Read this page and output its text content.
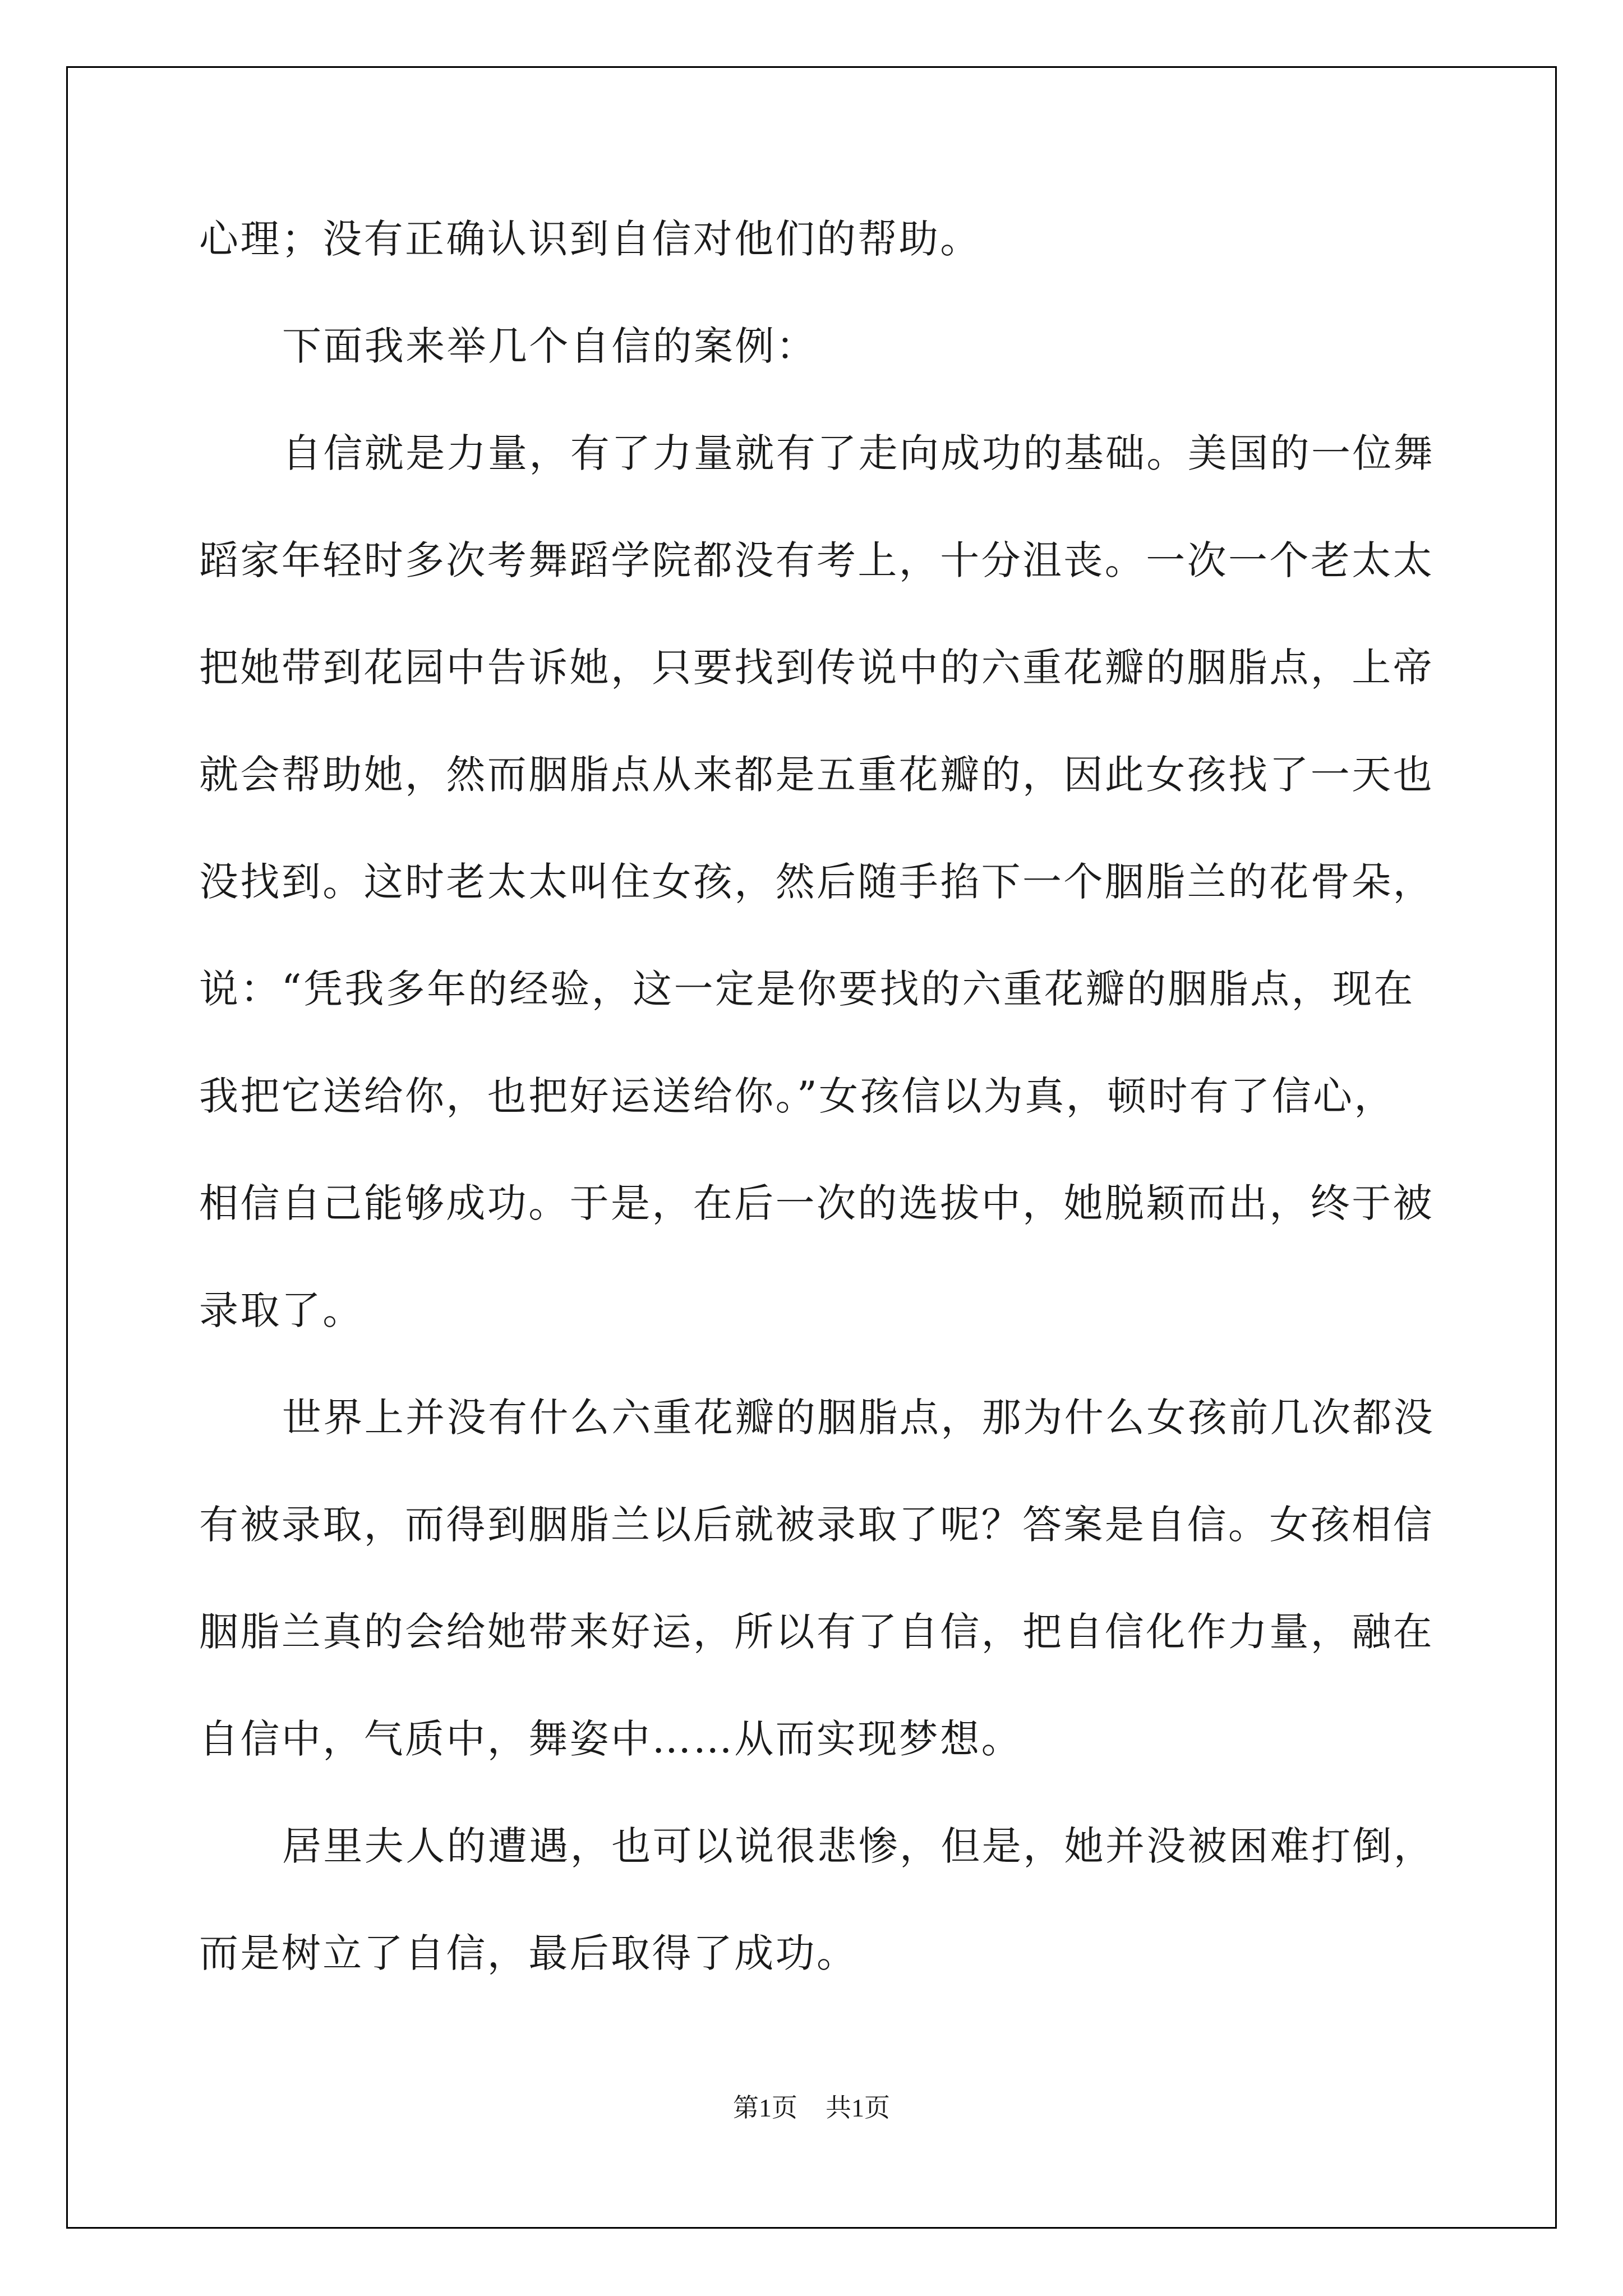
心理；没有正确认识到自信对他们的帮助。
下面我来举几个自信的案例：
自信就是力量，有了力量就有了走向成功的基础。美国的一位舞
蹈家年轻时多次考舞蹈学院都没有考上，十分沮丧。一次一个老太太
把她带到花园中告诉她，只要找到传说中的六重花瓣的胭脂点，上帝
就会帮助她，然而胭脂点从来都是五重花瓣的，因此女孩找了一天也
没找到。这时老太太叫住女孩，然后随手掐下一个胭脂兰的花骨朵，
说：“凭我多年的经验，这一定是你要找的六重花瓣的胭脂点，现在
我把它送给你，也把好运送给你。”女孩信以为真，顿时有了信心，
相信自己能够成功。于是，在后一次的选拔中，她脱颖而出，终于被
录取了。
世界上并没有什么六重花瓣的胭脂点，那为什么女孩前几次都没
有被录取，而得到胭脂兰以后就被录取了呢？答案是自信。女孩相信
胭脂兰真的会给她带来好运，所以有了自信，把自信化作力量，融在
自信中，气质中，舞姿中……从而实现梦想。
居里夫人的遭遇，也可以说很悲惨，但是，她并没被困难打倒，
而是树立了自信，最后取得了成功。
第1页 共1页
